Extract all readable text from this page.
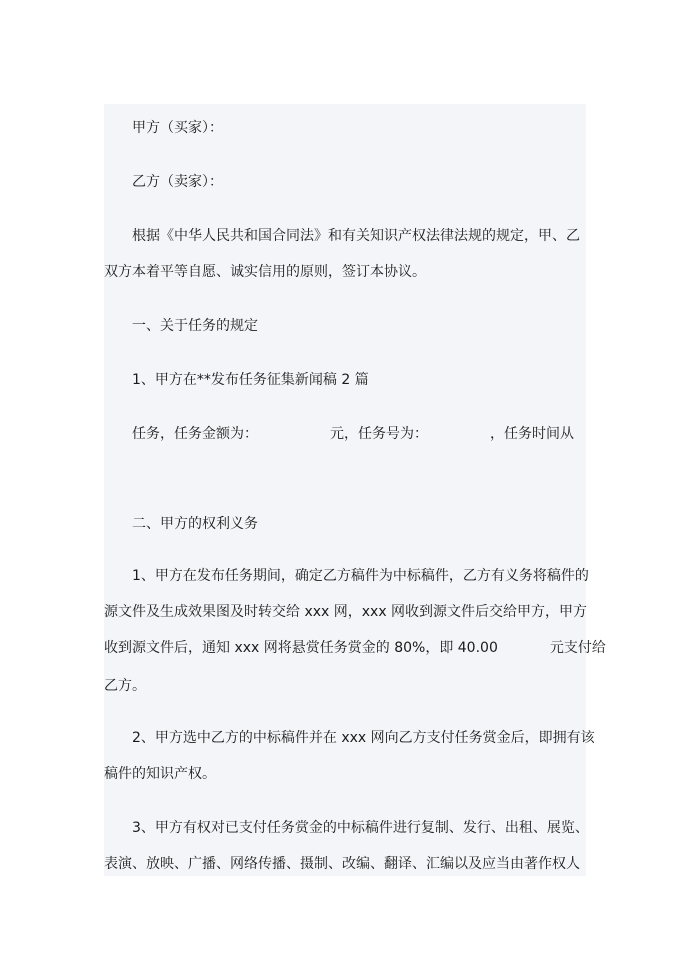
甲方（买家）：
乙方（卖家）：
根据《中华人民共和国合同法》和有关知识产权法律法规的规定，甲、乙
双方本着平等自愿、诚实信用的原则，签订本协议。
一、关于任务的规定
1、甲方在**发布任务征集新闻稿 2 篇
任务，任务金额为：	元，任务号为：	，任务时间从
二、甲方的权利义务
1、甲方在发布任务期间，确定乙方稿件为中标稿件，乙方有义务将稿件的
源文件及生成效果图及时转交给 xxx 网，xxx 网收到源文件后交给甲方，甲方
收到源文件后，通知 xxx 网将悬赏任务赏金的 80%，即 40.00	元支付给
乙方。
2、甲方选中乙方的中标稿件并在 xxx 网向乙方支付任务赏金后，即拥有该
稿件的知识产权。
3、甲方有权对已支付任务赏金的中标稿件进行复制、发行、出租、展览、
表演、放映、广播、网络传播、摄制、改编、翻译、汇编以及应当由著作权人
